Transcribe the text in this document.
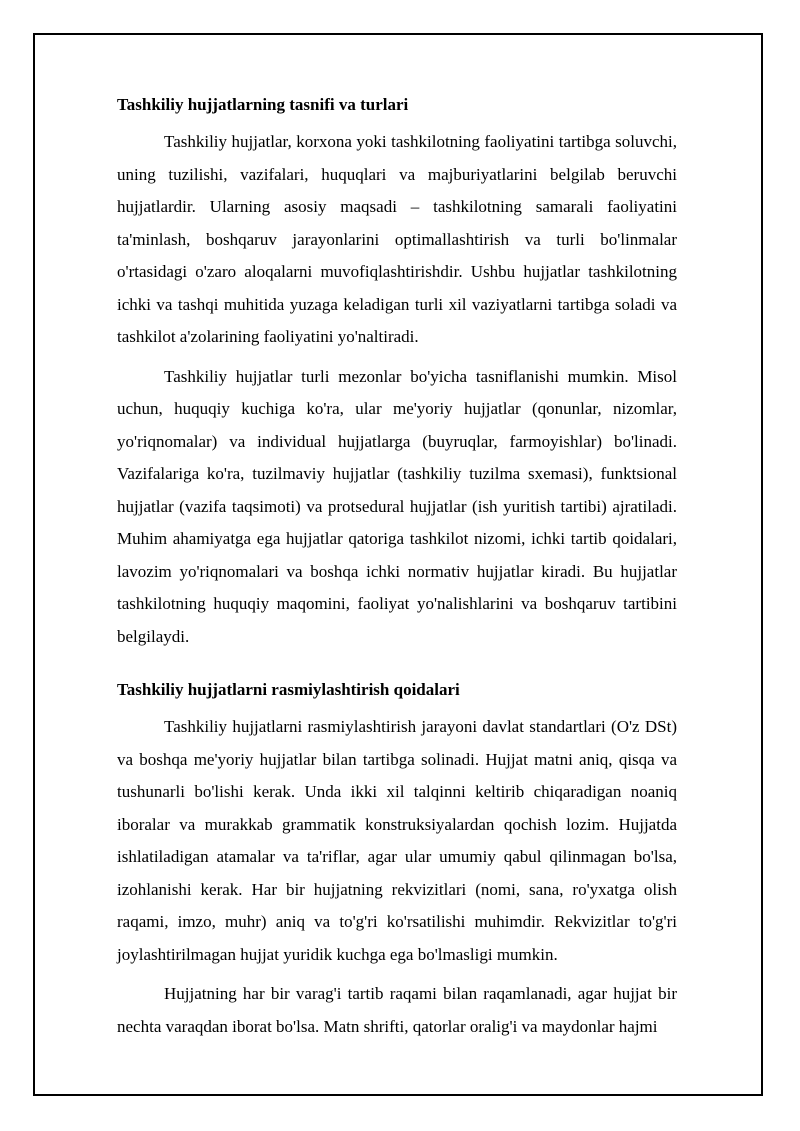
Tashkiliy hujjatlarning tasnifi va turlari

Tashkiliy hujjatlar, korxona yoki tashkilotning faoliyatini tartibga soluvchi, uning tuzilishi, vazifalari, huquqlari va majburiyatlarini belgilab beruvchi hujjatlardir. Ularning asosiy maqsadi – tashkilotning samarali faoliyatini ta'minlash, boshqaruv jarayonlarini optimallashtirish va turli bo'linmalar o'rtasidagi o'zaro aloqalarni muvofiqlashtirishdir. Ushbu hujjatlar tashkilotning ichki va tashqi muhitida yuzaga keladigan turli xil vaziyatlarni tartibga soladi va tashkilot a'zolarining faoliyatini yo'naltiradi.

Tashkiliy hujjatlar turli mezonlar bo'yicha tasniflanishi mumkin. Misol uchun, huquqiy kuchiga ko'ra, ular me'yoriy hujjatlar (qonunlar, nizomlar, yo'riqnomalar) va individual hujjatlarga (buyruqlar, farmoyishlar) bo'linadi. Vazifalariga ko'ra, tuzilmaviy hujjatlar (tashkiliy tuzilma sxemasi), funktsional hujjatlar (vazifa taqsimoti) va protsedural hujjatlar (ish yuritish tartibi) ajratiladi. Muhim ahamiyatga ega hujjatlar qatoriga tashkilot nizomi, ichki tartib qoidalari, lavozim yo'riqnomalari va boshqa ichki normativ hujjatlar kiradi. Bu hujjatlar tashkilotning huquqiy maqomini, faoliyat yo'nalishlarini va boshqaruv tartibini belgilaydi.

Tashkiliy hujjatlarni rasmiylashtirish qoidalari

Tashkiliy hujjatlarni rasmiylashtirish jarayoni davlat standartlari (O'z DSt) va boshqa me'yoriy hujjatlar bilan tartibga solinadi. Hujjat matni aniq, qisqa va tushunarli bo'lishi kerak. Unda ikki xil talqinni keltirib chiqaradigan noaniq iboralar va murakkab grammatik konstruksiyalardan qochish lozim. Hujjatda ishlatiladigan atamalar va ta'riflar, agar ular umumiy qabul qilinmagan bo'lsa, izohlanishi kerak. Har bir hujjatning rekvizitlari (nomi, sana, ro'yxatga olish raqami, imzo, muhr) aniq va to'g'ri ko'rsatilishi muhimdir. Rekvizitlar to'g'ri joylashtirilmagan hujjat yuridik kuchga ega bo'lmasligi mumkin.

Hujjatning har bir varag'i tartib raqami bilan raqamlanadi, agar hujjat bir nechta varaqdan iborat bo'lsa. Matn shrifti, qatorlar oralig'i va maydonlar hajmi
